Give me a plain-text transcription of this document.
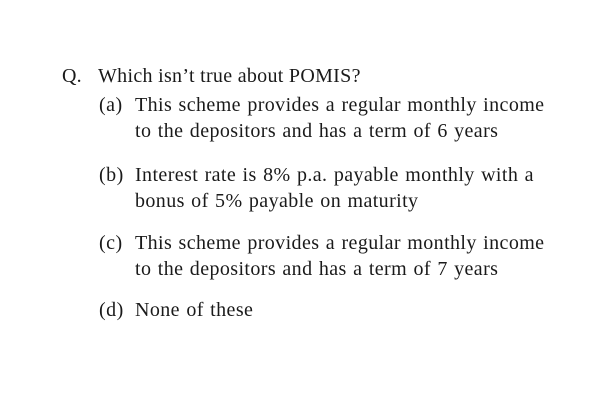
Q. Which isn’t true about POMIS?
(a) This scheme provides a regular monthly income
to the depositors and has a term of 6 years
(b) Interest rate is 8% p.a. payable monthly with a
bonus of 5% payable on maturity
(c) This scheme provides a regular monthly income
to the depositors and has a term of 7 years
(d) None of these
